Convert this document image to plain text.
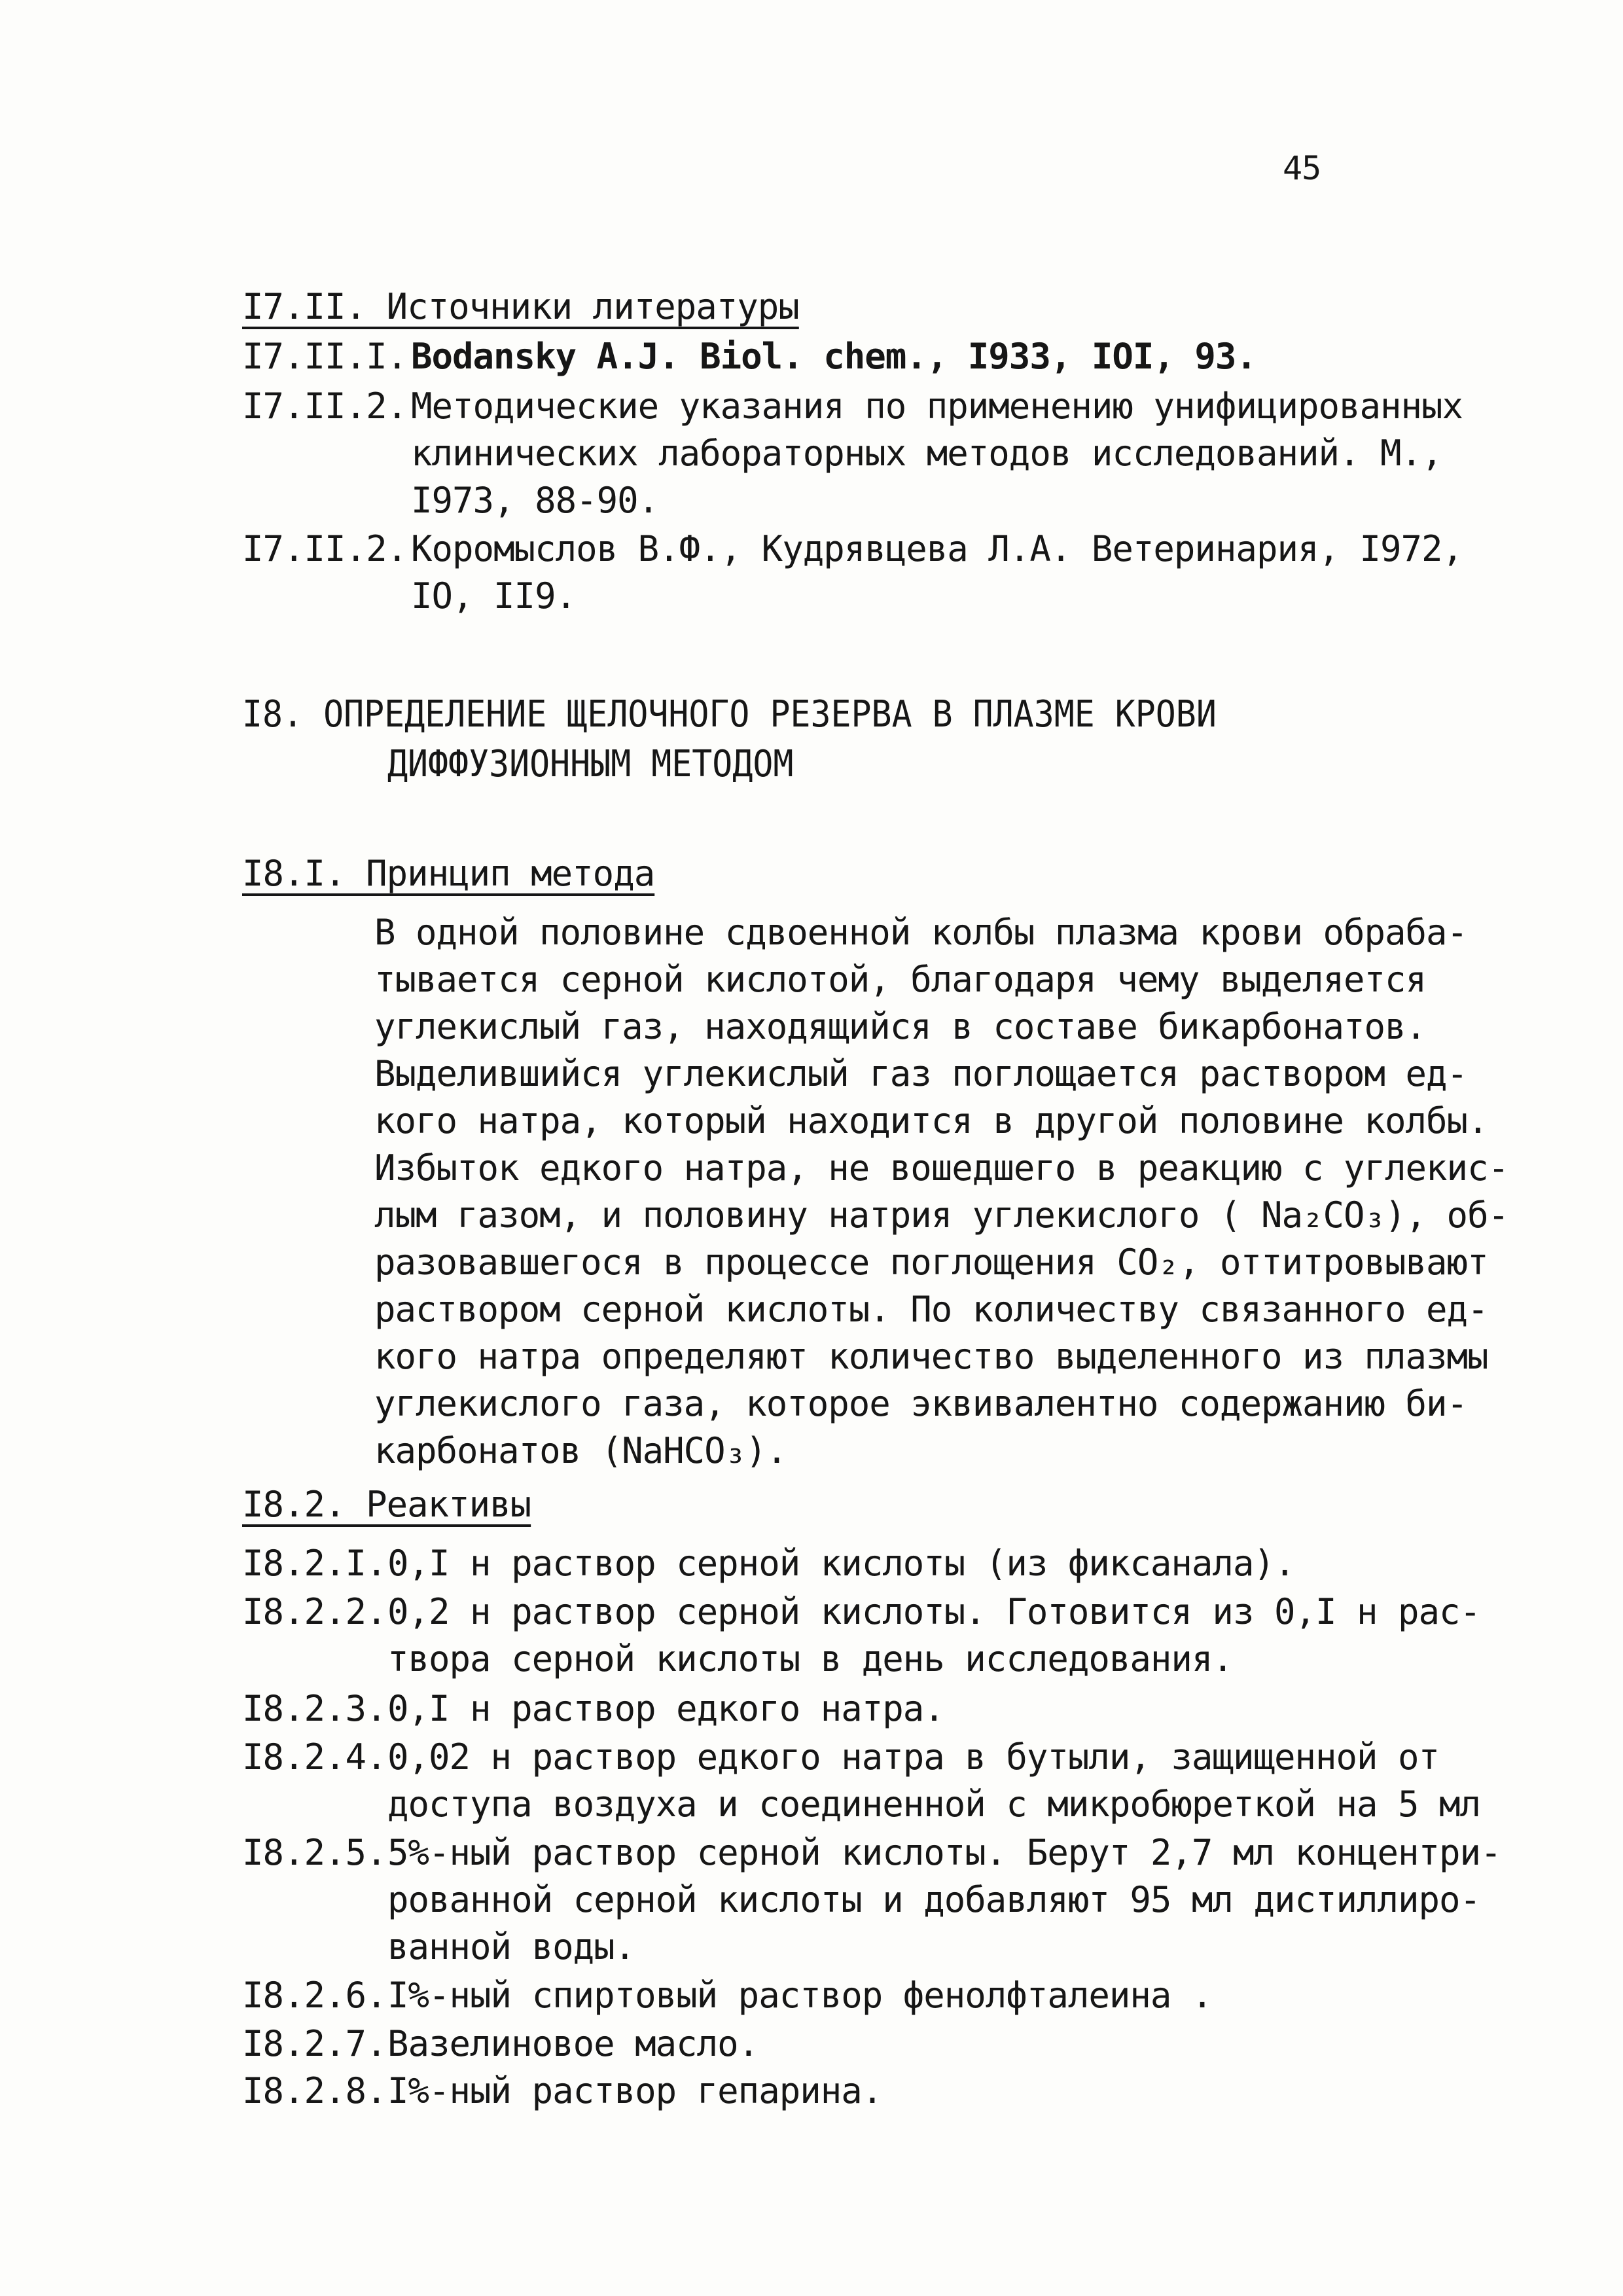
45
I7.II. Источники литературы
I7.II.I. Bodansky A.J. Biol. chem., I933, IOI, 93.
I7.II.2. Методические указания по применению унифицированных
клинических лабораторных методов исследований. М.,
I973, 88-90.
I7.II.2. Коромыслов В.Ф., Кудрявцева Л.А. Ветеринария, I972,
IO, II9.
I8. ОПРЕДЕЛЕНИЕ ЩЕЛОЧНОГО РЕЗЕРВА В ПЛАЗМЕ КРОВИ
ДИФФУЗИОННЫМ МЕТОДОМ
I8.I. Принцип метода
В одной половине сдвоенной колбы плазма крови обраба-
тывается серной кислотой, благодаря чему выделяется
углекислый газ, находящийся в составе бикарбонатов.
Выделившийся углекислый газ поглощается раствором ед-
кого натра, который находится в другой половине колбы.
Избыток едкого натра, не вошедшего в реакцию с углекис-
лым газом, и половину натрия углекислого ( Na₂CO₃), об-
разовавшегося в процессе поглощения CO₂, оттитровывают
раствором серной кислоты. По количеству связанного ед-
кого натра определяют количество выделенного из плазмы
углекислого газа, которое эквивалентно содержанию би-
карбонатов (NaHCO₃).
I8.2. Реактивы
I8.2.I. 0,I н раствор серной кислоты (из фиксанала).
I8.2.2. 0,2 н раствор серной кислоты. Готовится из 0,I н рас-
твора серной кислоты в день исследования.
I8.2.3. 0,I н раствор едкого натра.
I8.2.4. 0,02 н раствор едкого натра в бутыли, защищенной от
доступа воздуха и соединенной с микробюреткой на 5 мл
I8.2.5. 5%-ный раствор серной кислоты. Берут 2,7 мл концентри-
рованной серной кислоты и добавляют 95 мл дистиллиро-
ванной воды.
I8.2.6. I%-ный спиртовый раствор фенолфталеина .
I8.2.7. Вазелиновое масло.
I8.2.8. I%-ный раствор гепарина.
